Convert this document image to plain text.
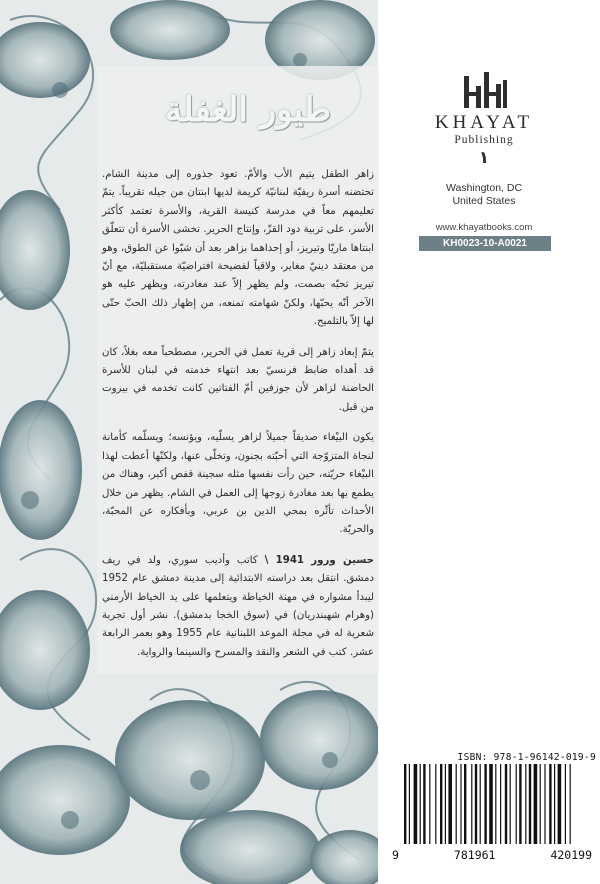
طيور الغفلة

زاهر الطفل يتيم الأب والأمّ. تعود جذوره إلى مدينة الشام. تحتضنه أسرة ريفيّة لبنانيّة كريمة لديها ابنتان من جيله تقريباً. يتمّ تعليمهم معاً في مدرسة كنيسة القرية، والأسرة تعتمد كأكثر الأسر، على تربية دود القزّ، وإنتاج الحرير. تخشى الأسرة أن تتعلّق ابنتاها ماريّا وتيريز، أو إحداهما بزاهر بعد أن شبّوا عن الطوق، وهو من معتقد دينيّ مغاير، ولاقياً لفضيحة افتراضيّة مستقبليّة، مع أنّ تيريز تحبّه بصمت، ولم يظهر إلاّ عند مغادرته، ويظهر عليه هو الآخر أنّه يحبّها، ولكنّ شهامته تمنعه، من إظهار ذلك الحبّ حتّى لها إلاّ بالتلميح.

يتمّ إبعاد زاهر إلى قرية تعمل في الحرير، مصطحباً معه بغلاً، كان قد أهداه ضابط فرنسيّ بعد انتهاء خدمته في لبنان للأسرة الحاضنة لزاهر لأن جوزفين أمّ الفتاتين كانت تخدمه في بيروت من قبل.

يكون البيْغاء صديقاً جميلاً لزاهر يسلّيه، ويؤنسه؛ ويسلّمه كأمانة لنجاة المتزوّجة التي أحبّته بجنون، وتخلّى عنها، ولكنّها أعطت لهذا البيْغاء حريّته، حين رأت نفسها مثله سجينة قفص أكبر، وهناك من يطمع بها بعد مغادرة زوجها إلى العمل في الشام. يظهر من خلال الأحداث تأثّره بمحي الدين بن عربي، وبأفكاره عن المحبّة، والحريّة.

حسين ورور 1941 \ كاتب وأديب سوري، ولد في ريف دمشق. انتقل بعد دراسته الابتدائية إلى مدينة دمشق عام 1952 ليبدأ مشواره في مهنة الخياطة ويتعلمها على يد الخياط الأرمني (وهرام شهبندريان) في (سوق الخجا بدمشق). نشر أول تجربة شعرية له في مجلة الموعد اللبنانية عام 1955 وهو بعمر الرابعة عشر. كتب في الشعر والنقد والمسرح والسينما والرواية.

KHAYAT
Publishing
١
Washington, DC
United States
www.khayatbooks.com
KH0023-10-A0021
ISBN: 978-1-96142-019-9
9	781961	420199
